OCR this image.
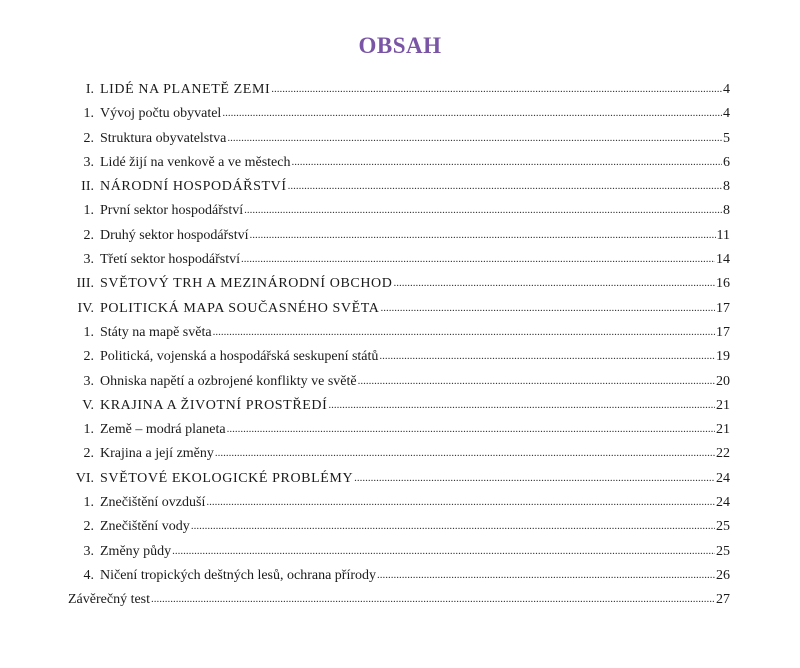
OBSAH
I. LIDÉ NA PLANETĚ ZEMI .....	4
1. Vývoj počtu obyvatel .....	4
2. Struktura obyvatelstva .....	5
3. Lidé žijí na venkově a ve městech .....	6
II. NÁRODNÍ HOSPODÁŘSTVÍ .....	8
1. První sektor hospodářství .....	8
2. Druhý sektor hospodářství .....	11
3. Třetí sektor hospodářství .....	14
III. SVĚTOVÝ TRH A MEZINÁRODNÍ OBCHOD .....	16
IV. POLITICKÁ MAPA SOUČASNÉHO SVĚTA .....	17
1. Státy na mapě světa .....	17
2. Politická, vojenská a hospodářská seskupení států .....	19
3. Ohniska napětí a ozbrojené konflikty ve světě .....	20
V. KRAJINA A ŽIVOTNÍ PROSTŘEDÍ .....	21
1. Země – modrá planeta .....	21
2. Krajina a její změny .....	22
VI. SVĚTOVÉ EKOLOGICKÉ PROBLÉMY .....	24
1. Znečištění ovzduší .....	24
2. Znečištění vody .....	25
3. Změny půdy .....	25
4. Ničení tropických deštných lesů, ochrana přírody .....	26
Závěrečný test .....	27
